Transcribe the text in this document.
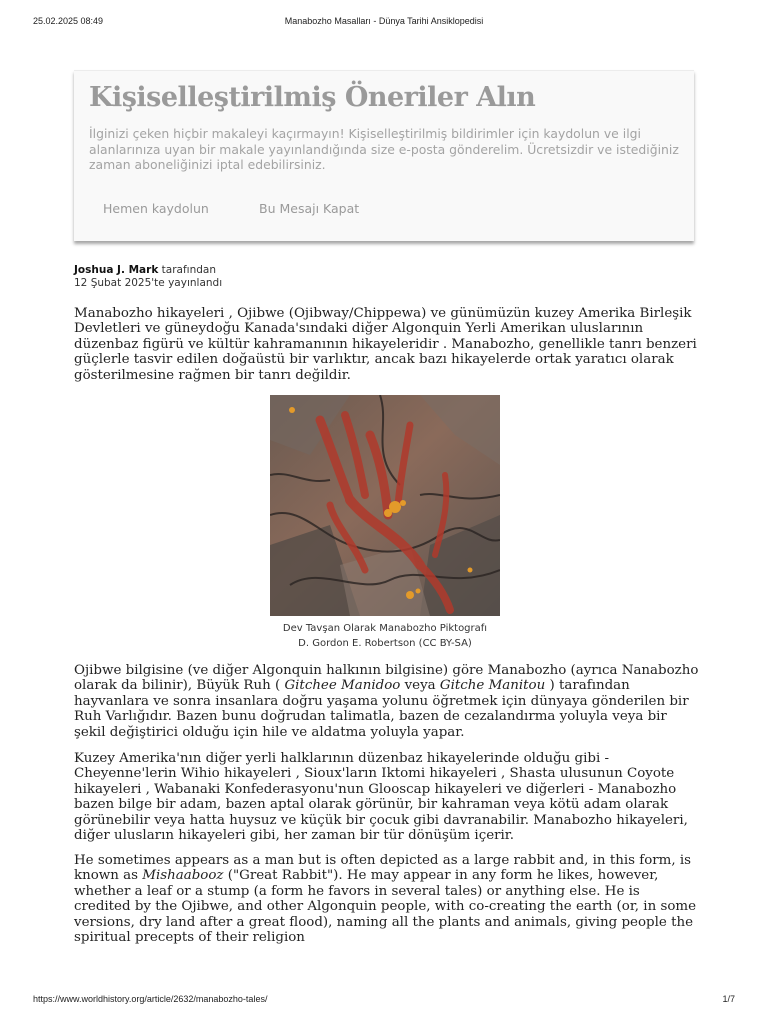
25.02.2025 08:49	Manabozho Masalları - Dünya Tarihi Ansiklopedisi
Kişiselleştirilmiş Öneriler Alın

İlginizi çeken hiçbir makaleyi kaçırmayın! Kişiselleştirilmiş bildirimler için kaydolun ve ilgi alanlarınıza uyan bir makale yayınlandığında size e-posta gönderelim. Ücretsizdir ve istediğiniz zaman aboneliğinizi iptal edebilirsiniz.

Hemen kaydolun	Bu Mesajı Kapat
Joshua J. Mark tarafından
12 Şubat 2025'te yayınlandı

Manabozho hikayeleri , Ojibwe (Ojibway/Chippewa) ve günümüzün kuzey Amerika Birleşik Devletleri ve güneydoğu Kanada'sındaki diğer Algonquin Yerli Amerikan uluslarının düzenbaz figürü ve kültür kahramanının hikayeleridir . Manabozho, genellikle tanrı benzeri güçlerle tasvir edilen doğaüstü bir varlıktır, ancak bazı hikayelerde ortak yaratıcı olarak gösterilmesine rağmen bir tanrı değildir.

Dev Tavşan Olarak Manabozho Piktografı
D. Gordon E. Robertson (CC BY-SA)

Ojibwe bilgisine (ve diğer Algonquin halkının bilgisine) göre Manabozho (ayrıca Nanabozho olarak da bilinir), Büyük Ruh ( Gitchee Manidoo veya Gitche Manitou ) tarafından hayvanlara ve sonra insanlara doğru yaşama yolunu öğretmek için dünyaya gönderilen bir Ruh Varlığıdır. Bazen bunu doğrudan talimatla, bazen de cezalandırma yoluyla veya bir şekil değiştirici olduğu için hile ve aldatma yoluyla yapar.

Kuzey Amerika'nın diğer yerli halklarının düzenbaz hikayelerinde olduğu gibi - Cheyenne'lerin Wihio hikayeleri , Sioux'ların Iktomi hikayeleri , Shasta ulusunun Coyote hikayeleri , Wabanaki Konfederasyonu'nun Glooscap hikayeleri ve diğerleri - Manabozho bazen bilge bir adam, bazen aptal olarak görünür, bir kahraman veya kötü adam olarak görünebilir veya hatta huysuz ve küçük bir çocuk gibi davranabilir. Manabozho hikayeleri, diğer ulusların hikayeleri gibi, her zaman bir tür dönüşüm içerir.

He sometimes appears as a man but is often depicted as a large rabbit and, in this form, is known as Mishaabooz ("Great Rabbit"). He may appear in any form he likes, however, whether a leaf or a stump (a form he favors in several tales) or anything else. He is credited by the Ojibwe, and other Algonquin people, with co-creating the earth (or, in some versions, dry land after a great flood), naming all the plants and animals, giving people the spiritual precepts of their religion

https://www.worldhistory.org/article/2632/manabozho-tales/	1/7
